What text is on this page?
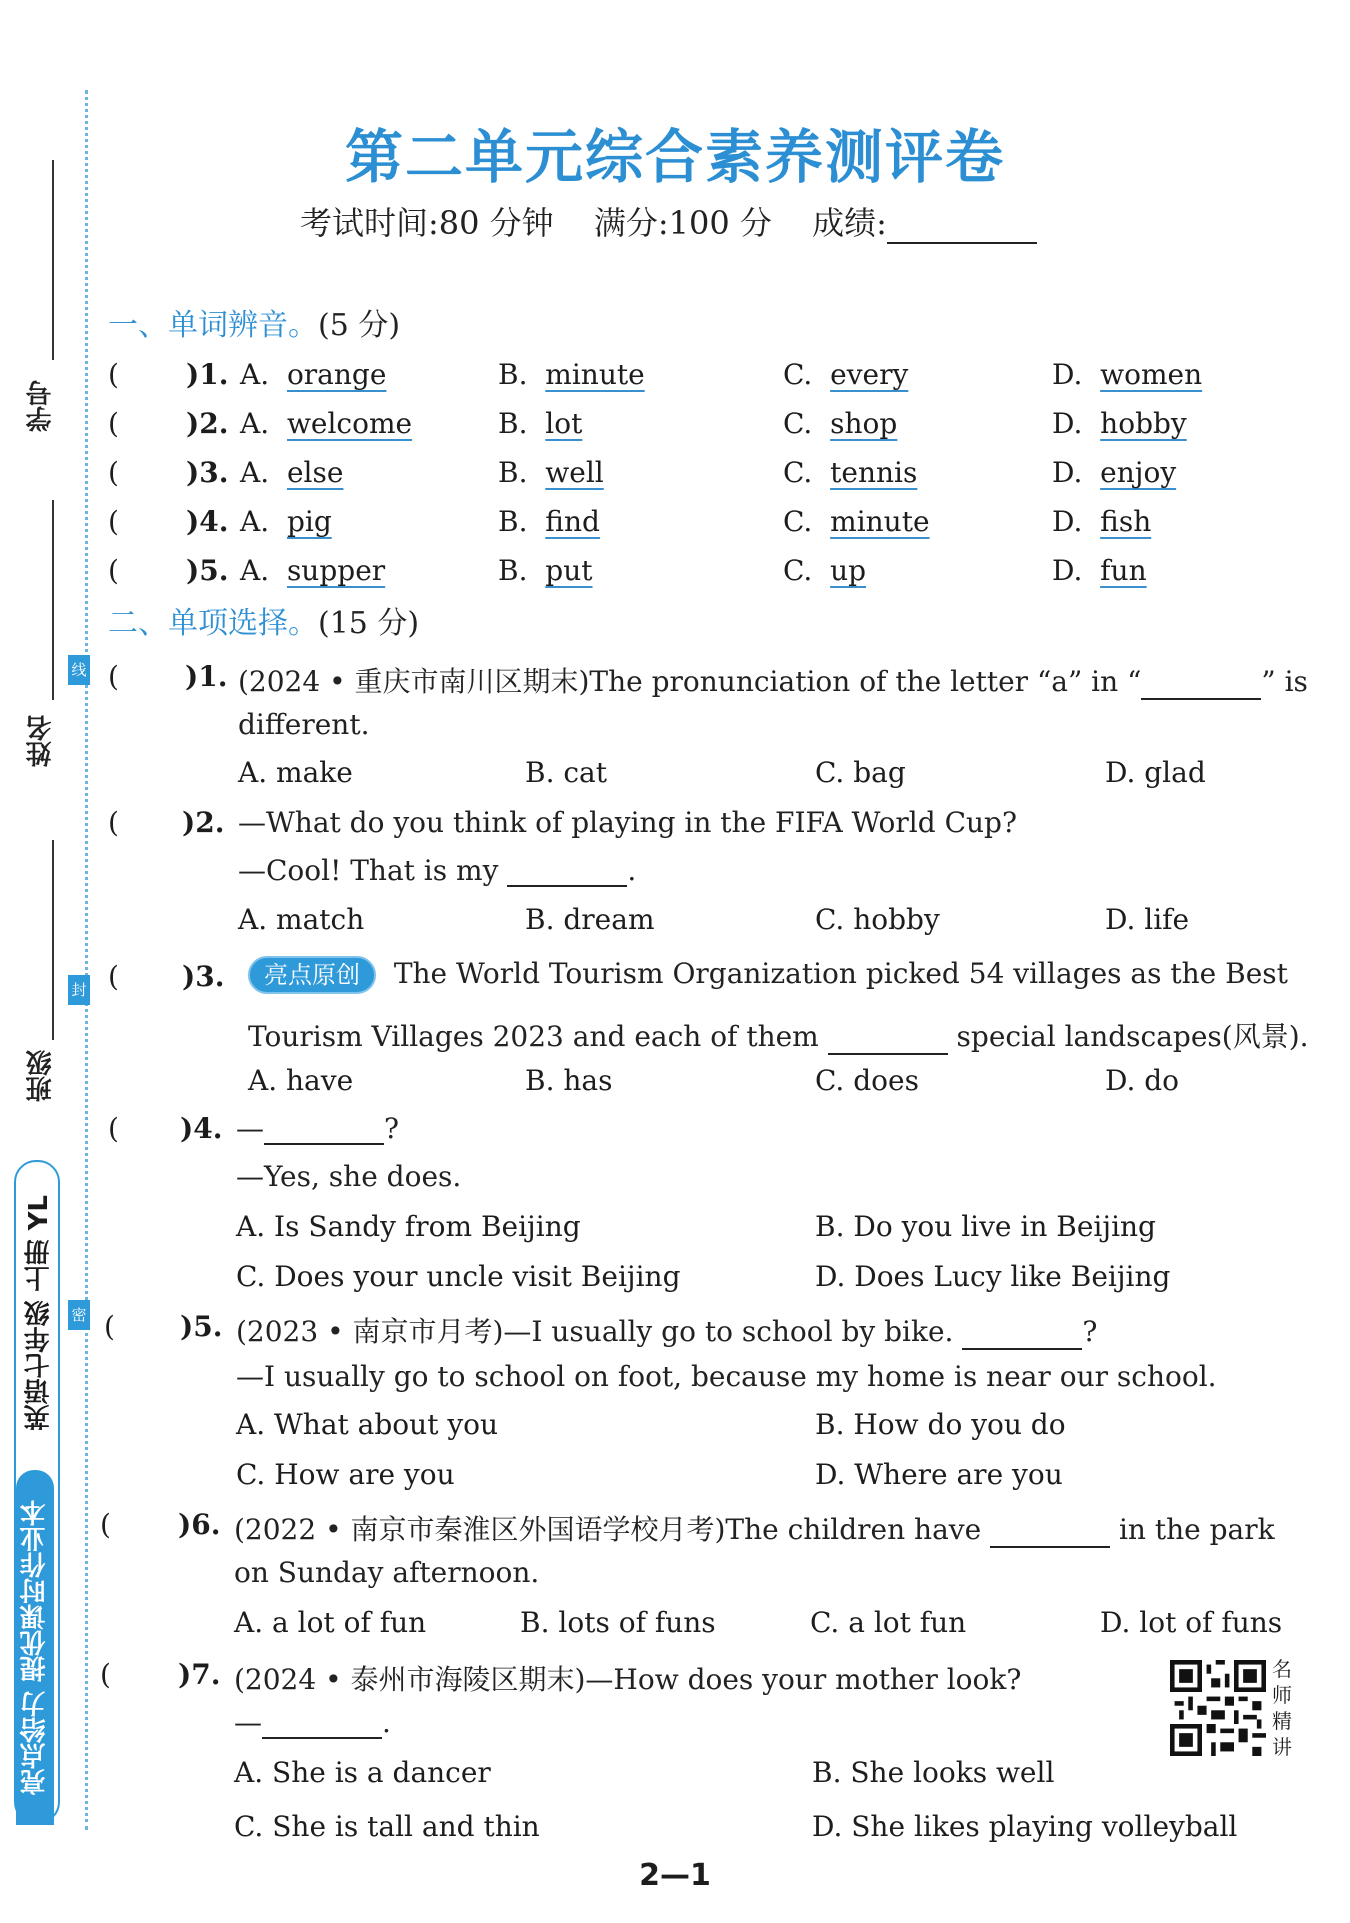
学号
姓名
班级
线
封
密
英语七年级 上册 YL
亮点给力 提优课时作业本
第二单元综合素养测评卷
考试时间:80 分钟 满分:100 分 成绩:
一、单词辨音。(5 分)
( )1. A. orange	B. minute	C. every	D. women
( )2. A. welcome	B. lot	C. shop	D. hobby
( )3. A. else	B. well	C. tennis	D. enjoy
( )4. A. pig	B. find	C. minute	D. fish
( )5. A. supper	B. put	C. up	D. fun
二、单项选择。(15 分)
( )1. (2024 • 重庆市南川区期末)The pronunciation of the letter “a” in “	” is
different.
A. make	B. cat	C. bag	D. glad
( )2. —What do you think of playing in the FIFA World Cup?
—Cool! That is my	.
A. match	B. dream	C. hobby	D. life
( )3.	亮点原创 The World Tourism Organization picked 54 villages as the Best
Tourism Villages 2023 and each of them	special landscapes(风景).
A. have	B. has	C. does	D. do
( )4. —	?
—Yes, she does.
A. Is Sandy from Beijing	B. Do you live in Beijing
C. Does your uncle visit Beijing	D. Does Lucy like Beijing
( )5. (2023 • 南京市月考)—I usually go to school by bike.	?
—I usually go to school on foot, because my home is near our school.
A. What about you	B. How do you do
C. How are you	D. Where are you
( )6. (2022 • 南京市秦淮区外国语学校月考)The children have	in the park
on Sunday afternoon.
A. a lot of fun	B. lots of funs	C. a lot fun	D. lot of funs
( )7. (2024 • 泰州市海陵区期末)—How does your mother look?
—	.
A. She is a dancer	B. She looks well
C. She is tall and thin	D. She likes playing volleyball
名师精讲
2—1
